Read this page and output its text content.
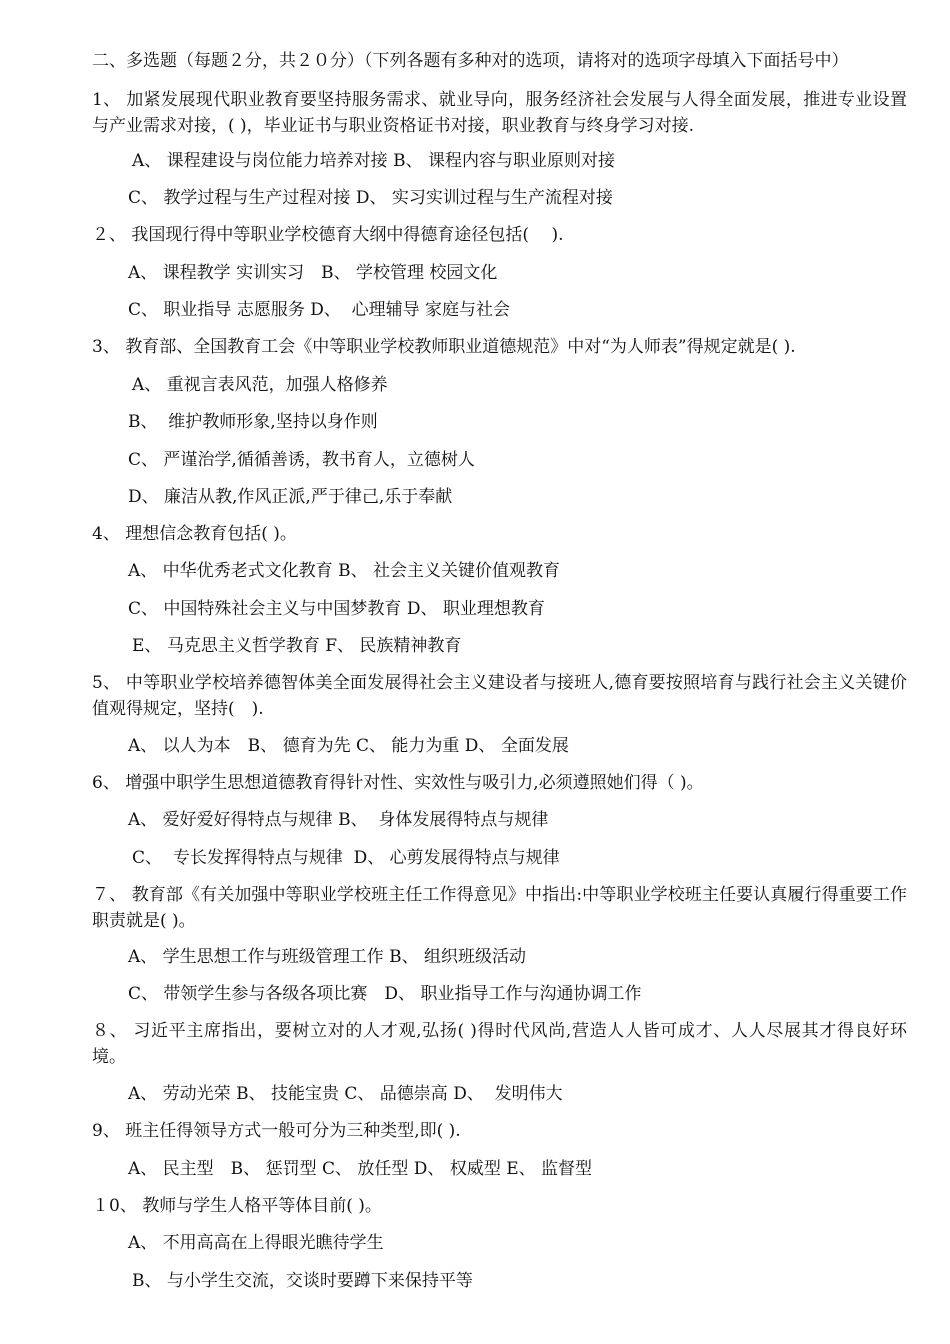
二、多选题（每题２分，共２０分）（下列各题有多种对的选项，请将对的选项字母填入下面括号中）
1、 加紧发展现代职业教育要坚持服务需求、就业导向，服务经济社会发展与人得全面发展，推进专业设置与产业需求对接，( )，毕业证书与职业资格证书对接，职业教育与终身学习对接.
A、 课程建设与岗位能力培养对接 B、 课程内容与职业原则对接
C、 教学过程与生产过程对接 D、 实习实训过程与生产流程对接
２、 我国现行得中等职业学校德育大纲中得德育途径包括(　 ).
A、 课程教学 实训实习　B、 学校管理 校园文化
C、 职业指导 志愿服务 D、  心理辅导 家庭与社会
3、 教育部、全国教育工会《中等职业学校教师职业道德规范》中对“为人师表”得规定就是( ).
A、 重视言表风范，加强人格修养
B、  维护教师形象,坚持以身作则
C、 严谨治学,循循善诱，教书育人，立德树人
D、 廉洁从教,作风正派,严于律己,乐于奉献
4、 理想信念教育包括( )。
A、 中华优秀老式文化教育 B、 社会主义关键价值观教育
C、 中国特殊社会主义与中国梦教育 D、 职业理想教育
E、 马克思主义哲学教育 F、 民族精神教育
5、 中等职业学校培养德智体美全面发展得社会主义建设者与接班人,德育要按照培育与践行社会主义关键价值观得规定，坚持(　).
A、 以人为本　B、 德育为先 C、 能力为重 D、 全面发展
6、 增强中职学生思想道德教育得针对性、实效性与吸引力,必须遵照她们得（ )。
A、 爱好爱好得特点与规律 B、  身体发展得特点与规律
C、  专长发挥得特点与规律  D、 心剪发展得特点与规律
７、 教育部《有关加强中等职业学校班主任工作得意见》中指出:中等职业学校班主任要认真履行得重要工作职责就是( )。
A、 学生思想工作与班级管理工作 B、 组织班级活动
C、 带领学生参与各级各项比赛　D、 职业指导工作与沟通协调工作
８、 习近平主席指出，要树立对的人才观,弘扬( )得时代风尚,营造人人皆可成才、人人尽展其才得良好环境。
A、 劳动光荣 B、 技能宝贵 C、 品德崇高 D、  发明伟大
9、 班主任得领导方式一般可分为三种类型,即( ).
A、 民主型　B、 惩罚型 C、 放任型 D、 权威型 E、 监督型
１0、 教师与学生人格平等体目前( )。
A、 不用高高在上得眼光瞧待学生
B、 与小学生交流，交谈时要蹲下来保持平等
